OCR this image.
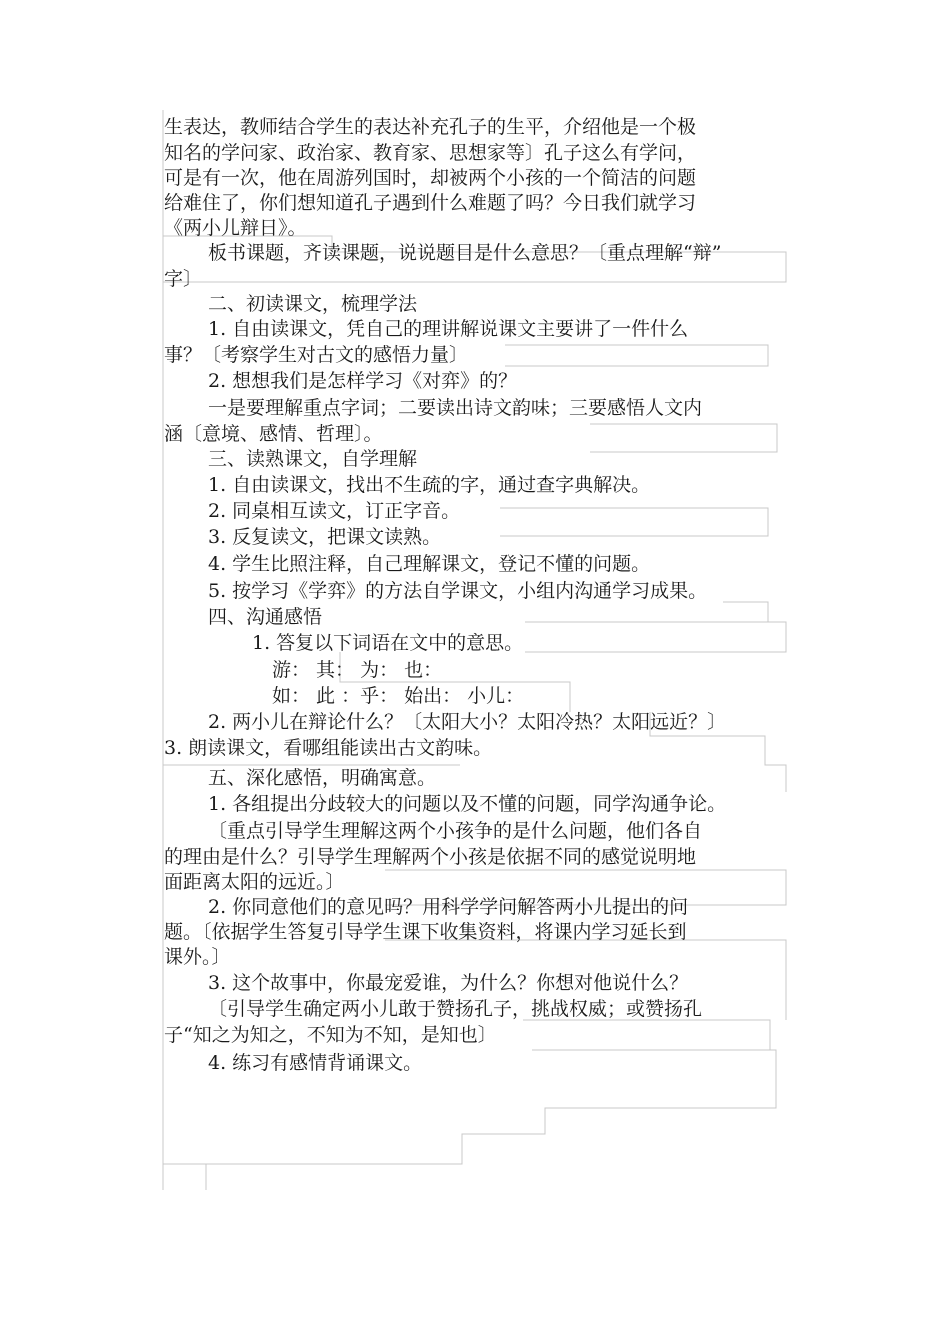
生表达，教师结合学生的表达补充孔子的生平，介绍他是一个极
知名的学问家、政治家、教育家、思想家等〕孔子这么有学问，
可是有一次，他在周游列国时，却被两个小孩的一个简洁的问题
给难住了，你们想知道孔子遇到什么难题了吗？今日我们就学习
《两小儿辩日》。
板书课题，齐读课题，说说题目是什么意思？〔重点理解“辩”
字〕
二、初读课文，梳理学法
1. 自由读课文，凭自己的理讲解说课文主要讲了一件什么
事？〔考察学生对古文的感悟力量〕
2. 想想我们是怎样学习《对弈》的？
一是要理解重点字词；二要读出诗文韵味；三要感悟人文内
涵〔意境、感情、哲理〕。
三、读熟课文，自学理解
1. 自由读课文，找出不生疏的字，通过查字典解决。
2. 同桌相互读文，订正字音。
3. 反复读文，把课文读熟。
4. 学生比照注释，自己理解课文，登记不懂的问题。
5. 按学习《学弈》的方法自学课文，小组内沟通学习成果。
四、沟通感悟
1. 答复以下词语在文中的意思。
游： 其： 为： 也：
如： 此 ：乎： 始出： 小儿：
2. 两小儿在辩论什么？〔太阳大小？太阳冷热？太阳远近？〕
3. 朗读课文，看哪组能读出古文韵味。
五、深化感悟，明确寓意。
1. 各组提出分歧较大的问题以及不懂的问题，同学沟通争论。
〔重点引导学生理解这两个小孩争的是什么问题，他们各自
的理由是什么？引导学生理解两个小孩是依据不同的感觉说明地
面距离太阳的远近。〕
2. 你同意他们的意见吗？用科学学问解答两小儿提出的问
题。〔依据学生答复引导学生课下收集资料，将课内学习延长到
课外。〕
3. 这个故事中，你最宠爱谁，为什么？你想对他说什么？
〔引导学生确定两小儿敢于赞扬孔子，挑战权威；或赞扬孔
子“知之为知之，不知为不知，是知也〕
4. 练习有感情背诵课文。
